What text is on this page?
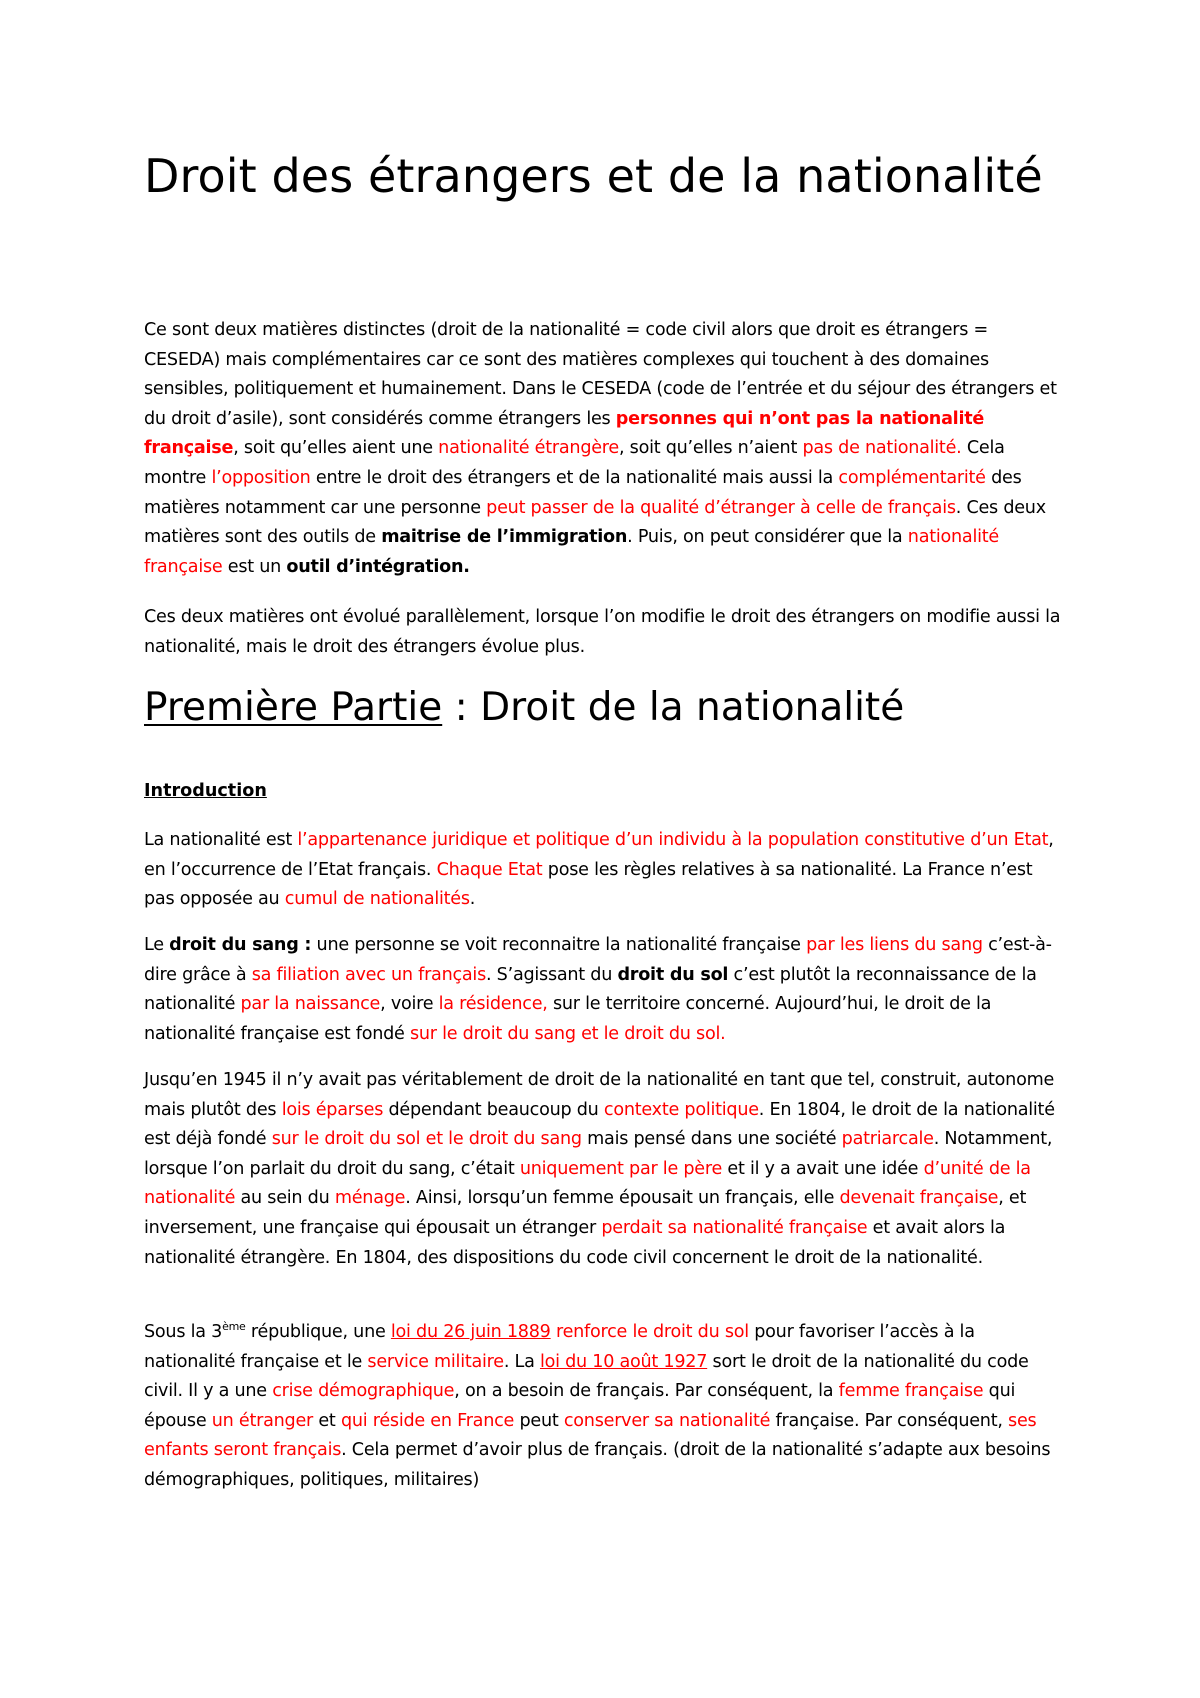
Droit des étrangers et de la nationalité

Ce sont deux matières distinctes (droit de la nationalité = code civil alors que droit es étrangers = CESEDA) mais complémentaires car ce sont des matières complexes qui touchent à des domaines sensibles, politiquement et humainement. Dans le CESEDA (code de l’entrée et du séjour des étrangers et du droit d’asile), sont considérés comme étrangers les personnes qui n’ont pas la nationalité française, soit qu’elles aient une nationalité étrangère, soit qu’elles n’aient pas de nationalité. Cela montre l’opposition entre le droit des étrangers et de la nationalité mais aussi la complémentarité des matières notamment car une personne peut passer de la qualité d’étranger à celle de français. Ces deux matières sont des outils de maitrise de l’immigration. Puis, on peut considérer que la nationalité française est un outil d’intégration.

Ces deux matières ont évolué parallèlement, lorsque l’on modifie le droit des étrangers on modifie aussi la nationalité, mais le droit des étrangers évolue plus.

Première Partie : Droit de la nationalité

Introduction

La nationalité est l’appartenance juridique et politique d’un individu à la population constitutive d’un Etat, en l’occurrence de l’Etat français. Chaque Etat pose les règles relatives à sa nationalité. La France n’est pas opposée au cumul de nationalités.

Le droit du sang : une personne se voit reconnaitre la nationalité française par les liens du sang c’est-à-dire grâce à sa filiation avec un français. S’agissant du droit du sol c’est plutôt la reconnaissance de la nationalité par la naissance, voire la résidence, sur le territoire concerné. Aujourd’hui, le droit de la nationalité française est fondé sur le droit du sang et le droit du sol.

Jusqu’en 1945 il n’y avait pas véritablement de droit de la nationalité en tant que tel, construit, autonome mais plutôt des lois éparses dépendant beaucoup du contexte politique. En 1804, le droit de la nationalité est déjà fondé sur le droit du sol et le droit du sang mais pensé dans une société patriarcale. Notamment, lorsque l’on parlait du droit du sang, c’était uniquement par le père et il y a avait une idée d’unité de la nationalité au sein du ménage. Ainsi, lorsqu’un femme épousait un français, elle devenait française, et inversement, une française qui épousait un étranger perdait sa nationalité française et avait alors la nationalité étrangère. En 1804, des dispositions du code civil concernent le droit de la nationalité.

Sous la 3ème république, une loi du 26 juin 1889 renforce le droit du sol pour favoriser l’accès à la nationalité française et le service militaire. La loi du 10 août 1927 sort le droit de la nationalité du code civil. Il y a une crise démographique, on a besoin de français. Par conséquent, la femme française qui épouse un étranger et qui réside en France peut conserver sa nationalité française. Par conséquent, ses enfants seront français. Cela permet d’avoir plus de français. (droit de la nationalité s’adapte aux besoins démographiques, politiques, militaires)
